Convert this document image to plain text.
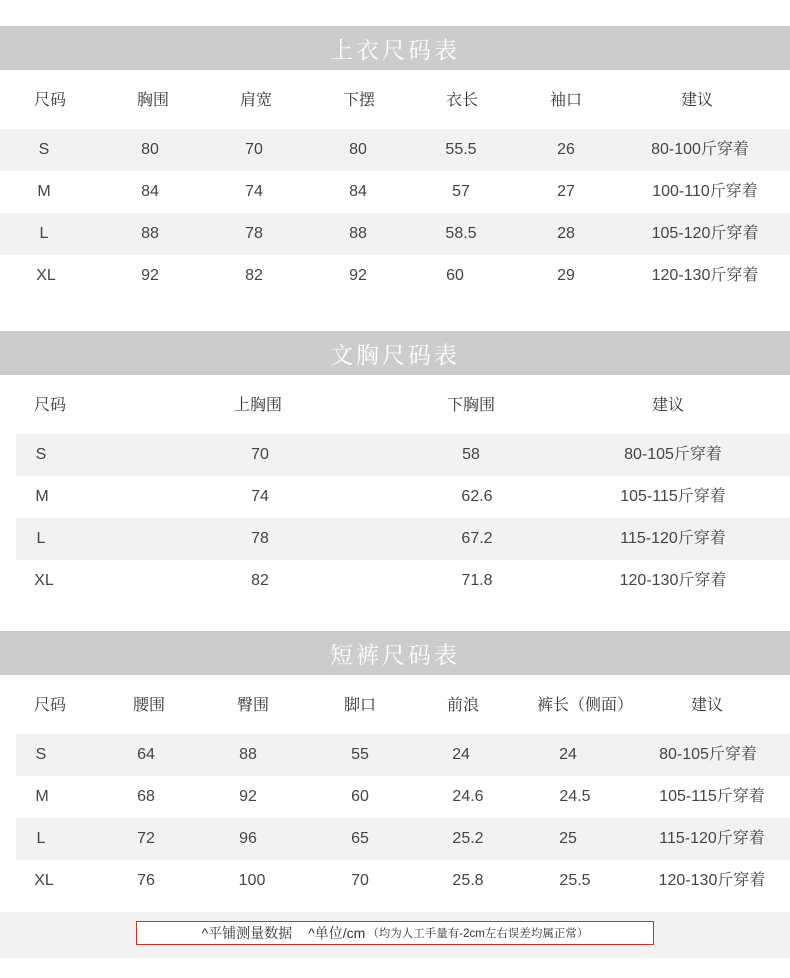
上衣尺码表
尺码	胸围	肩宽	下摆	衣长	袖口	建议
S	80	70	80	55.5	26	80-100斤穿着
M	84	74	84	57	27	100-110斤穿着
L	88	78	88	58.5	28	105-120斤穿着
XL	92	82	92	60	29	120-130斤穿着
文胸尺码表
尺码	上胸围	下胸围	建议
S	70	58	80-105斤穿着
M	74	62.6	105-115斤穿着
L	78	67.2	115-120斤穿着
XL	82	71.8	120-130斤穿着
短裤尺码表
尺码	腰围	臀围	脚口	前浪	裤长（侧面）	建议
S	64	88	55	24	24	80-105斤穿着
M	68	92	60	24.6	24.5	105-115斤穿着
L	72	96	65	25.2	25	115-120斤穿着
XL	76	100	70	25.8	25.5	120-130斤穿着
^平铺测量数据 ^单位/cm （均为人工手量有-2cm左右误差均属正常）
